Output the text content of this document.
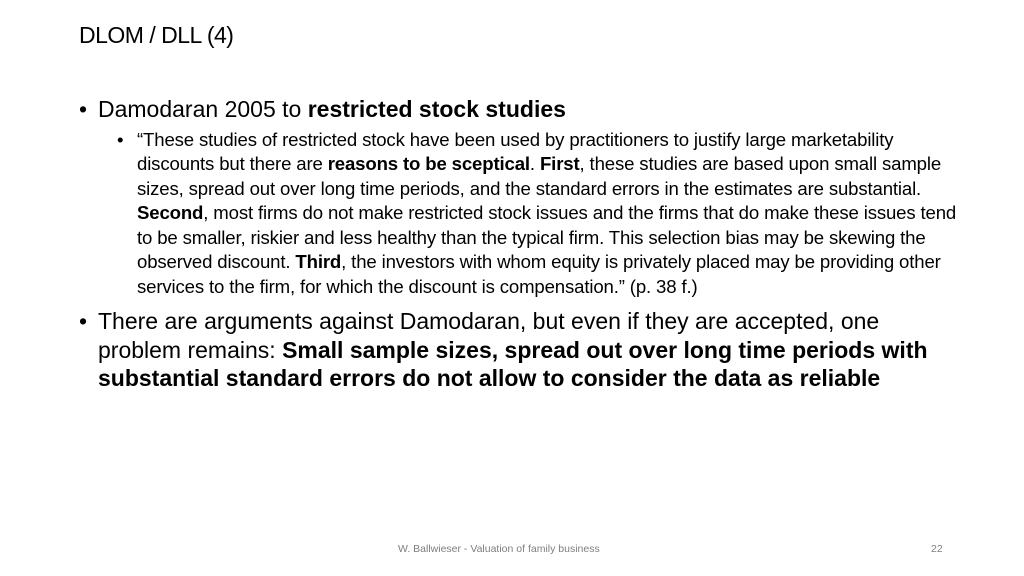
DLOM / DLL (4)
• Damodaran 2005 to restricted stock studies
• “These studies of restricted stock have been used by practitioners to justify large marketability discounts but there are reasons to be sceptical. First, these studies are based upon small sample sizes, spread out over long time periods, and the standard errors in the estimates are substantial. Second, most firms do not make restricted stock issues and the firms that do make these issues tend to be smaller, riskier and less healthy than the typical firm. This selection bias may be skewing the observed discount. Third, the investors with whom equity is privately placed may be providing other services to the firm, for which the discount is compensation.” (p. 38 f.)
• There are arguments against Damodaran, but even if they are accepted, one problem remains: Small sample sizes, spread out over long time periods with substantial standard errors do not allow to consider the data as reliable
W. Ballwieser - Valuation of family business	22
